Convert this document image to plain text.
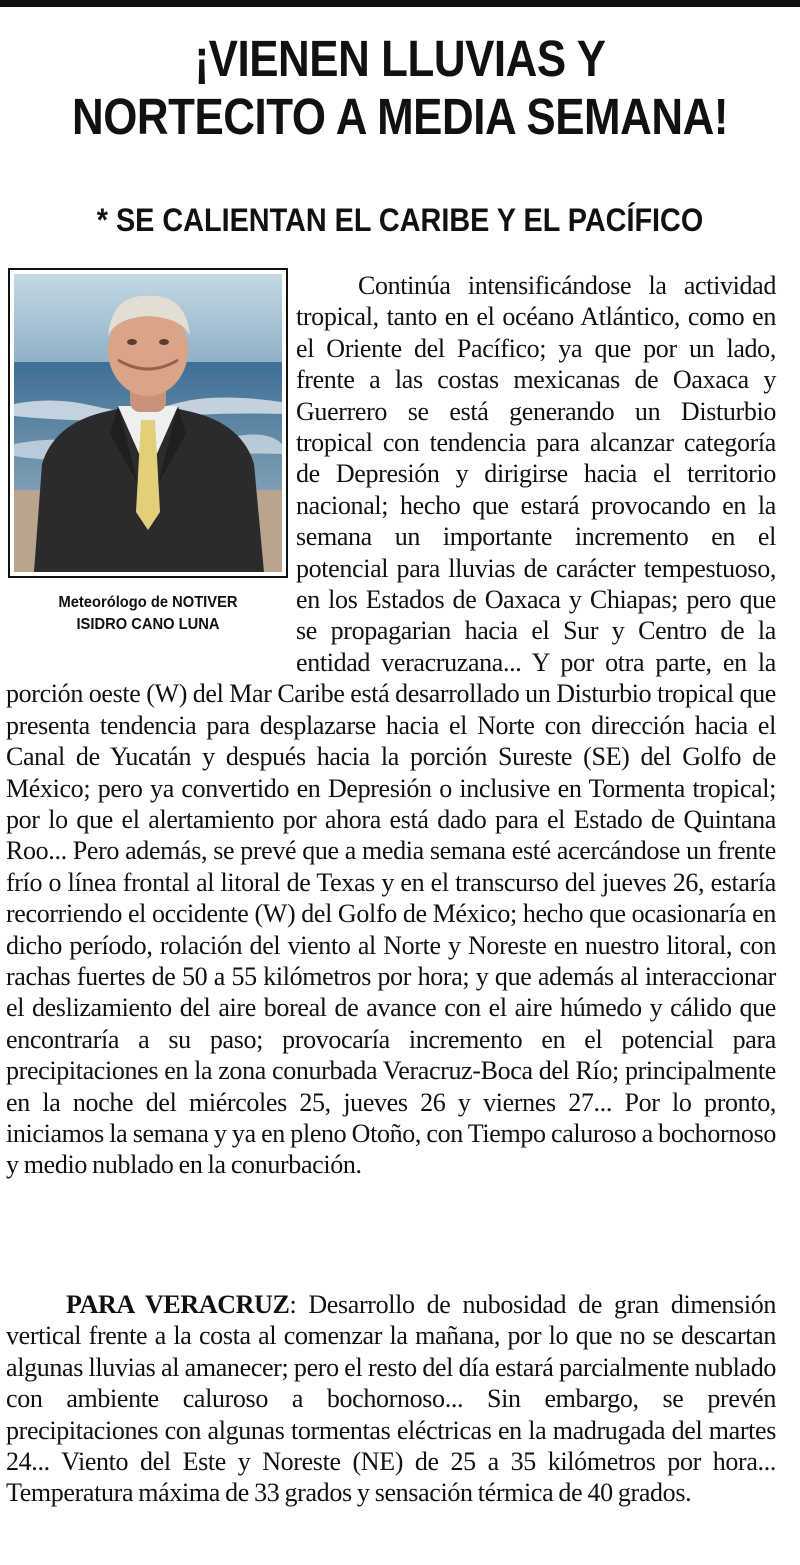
¡VIENEN LLUVIAS Y
NORTECITO A MEDIA SEMANA!
* SE CALIENTAN EL CARIBE Y EL PACÍFICO
Meteorólogo de NOTIVER
ISIDRO CANO LUNA

Continúa intensificándose la actividad tropical, tanto en el océano Atlántico, como en el Oriente del Pacífico; ya que por un lado, frente a las costas mexicanas de Oaxaca y Guerrero se está generando un Disturbio tropical con tendencia para alcanzar categoría de Depresión y dirigirse hacia el territorio nacional; hecho que estará provocando en la semana un importante incremento en el potencial para lluvias de carácter tempestuoso, en los Estados de Oaxaca y Chiapas; pero que se propagarian hacia el Sur y Centro de la entidad veracruzana... Y por otra parte, en la porción oeste (W) del Mar Caribe está desarrollado un Disturbio tropical que presenta tendencia para desplazarse hacia el Norte con dirección hacia el Canal de Yucatán y después hacia la porción Sureste (SE) del Golfo de México; pero ya convertido en Depresión o inclusive en Tormenta tropical; por lo que el alertamiento por ahora está dado para el Estado de Quintana Roo... Pero además, se prevé que a media semana esté acercándose un frente frío o línea frontal al litoral de Texas y en el transcurso del jueves 26, estaría recorriendo el occidente (W) del Golfo de México; hecho que ocasionaría en dicho período, rolación del viento al Norte y Noreste en nuestro litoral, con rachas fuertes de 50 a 55 kilómetros por hora; y que además al interaccionar el deslizamiento del aire boreal de avance con el aire húmedo y cálido que encontraría a su paso; provocaría incremento en el potencial para precipitaciones en la zona conurbada Veracruz-Boca del Río; principalmente en la noche del miércoles 25, jueves 26 y viernes 27... Por lo pronto, iniciamos la semana y ya en pleno Otoño, con Tiempo caluroso a bochornoso y medio nublado en la conurbación.

PARA VERACRUZ: Desarrollo de nubosidad de gran dimensión vertical frente a la costa al comenzar la mañana, por lo que no se descartan algunas lluvias al amanecer; pero el resto del día estará parcialmente nublado con ambiente caluroso a bochornoso... Sin embargo, se prevén precipitaciones con algunas tormentas eléctricas en la madrugada del martes 24... Viento del Este y Noreste (NE) de 25 a 35 kilómetros por hora... Temperatura máxima de 33 grados y sensación térmica de 40 grados.
